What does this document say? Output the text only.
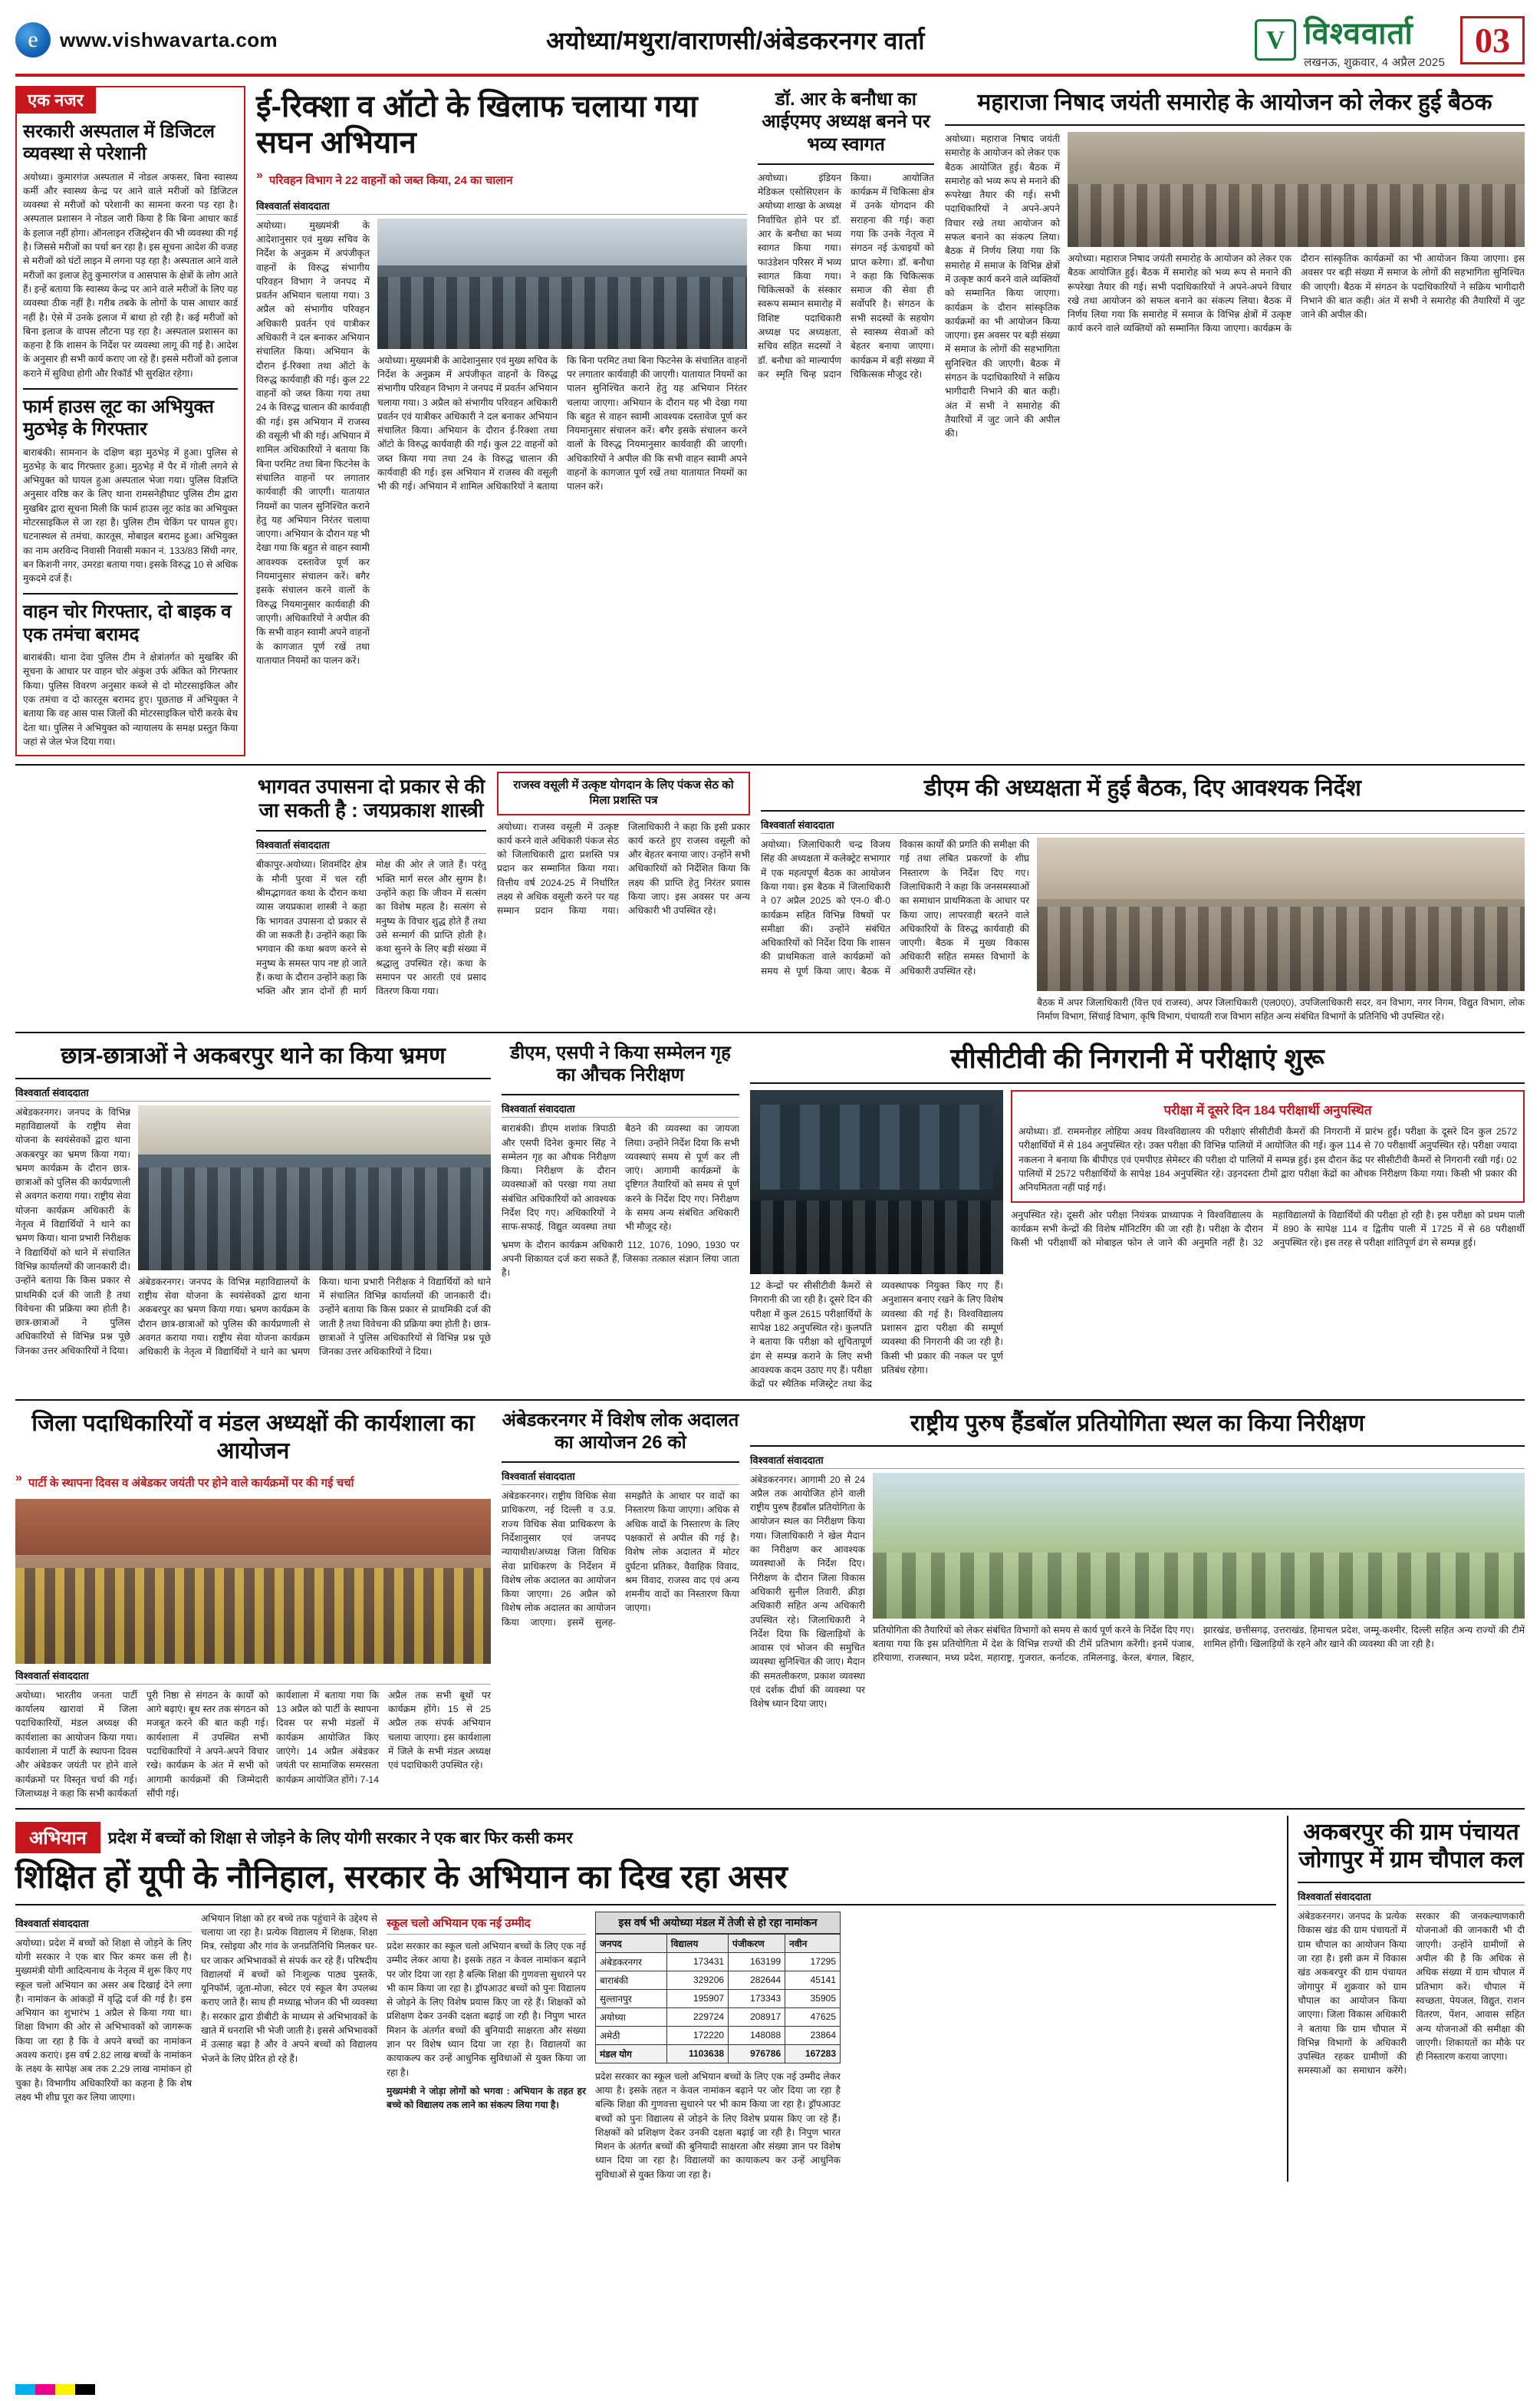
e	www.vishwavarta.com	अयोध्या/मथुरा/वाराणसी/अंबेडकरनगर वार्ता	V विश्ववार्ता
लखनऊ, शुक्रवार, 4 अप्रैल 2025
03
एक नजर
सरकारी अस्पताल में डिजिटल व्यवस्था से परेशानी
अयोध्या। कुमारगंज अस्पताल में नोडल अफसर, बिना स्वास्थ्य कर्मी और स्वास्थ्य केन्द्र पर आने वाले मरीजों को डिजिटल व्यवस्था से मरीजों को परेशानी का सामना करना पड़ रहा है। अस्पताल प्रशासन ने नोडल जारी किया है कि बिना आधार कार्ड के इलाज नहीं होगा। ऑनलाइन रजिस्ट्रेशन की भी व्यवस्था की गई है। जिससे मरीजों का पर्चा बन रहा है। इस सूचना आदेश की वजह से मरीजों को घंटों लाइन में लगना पड़ रहा है। अस्पताल आने वाले मरीजों का इलाज हेतु कुमारगंज व आसपास के क्षेत्रों के लोग आते हैं। इन्हें बताया कि स्वास्थ्य केन्द्र पर आने वाले मरीजों के लिए यह व्यवस्था ठीक नहीं है। गरीब तबके के लोगों के पास आधार कार्ड नहीं है। ऐसे में उनके इलाज में बाधा हो रही है। कई मरीजों को बिना इलाज के वापस लौटना पड़ रहा है। अस्पताल प्रशासन का कहना है कि शासन के निर्देश पर व्यवस्था लागू की गई है। आदेश के अनुसार ही सभी कार्य कराए जा रहे हैं। इससे मरीजों को इलाज कराने में सुविधा होगी और रिकॉर्ड भी सुरक्षित रहेगा।
फार्म हाउस लूट का अभियुक्त मुठभेड़ के गिरफ्तार
बाराबंकी। सामनान के दक्षिण बड़ा मुठभेड़ में हुआ। पुलिस से मुठभेड़ के बाद गिरफ्तार हुआ। मुठभेड़ में पैर में गोली लगने से अभियुक्त को घायल हुआ अस्पताल भेजा गया। पुलिस विज्ञप्ति अनुसार वरिष्ठ कर के लिए थाना रामसनेहीघाट पुलिस टीम द्वारा मुखबिर द्वारा सूचना मिली कि फार्म हाउस लूट कांड का अभियुक्त मोटरसाइकिल से जा रहा है। पुलिस टीम चेकिंग पर घायल हुए। घटनास्थल से तमंचा, कारतूस, मोबाइल बरामद हुआ। अभियुक्त का नाम अरविन्द निवासी निवासी मकान नं. 133/83 सिंधी नगर, बन किशनी नगर, उमरडा बताया गया। इसके विरुद्ध 10 से अधिक मुकदमे दर्ज हैं।
वाहन चोर गिरफ्तार, दो बाइक व एक तमंचा बरामद
बाराबंकी। थाना देवा पुलिस टीम ने क्षेत्रांतर्गत को मुखबिर की सूचना के आधार पर वाहन चोर अंकुश उर्फ अंकित को गिरफ्तार किया। पुलिस विवरण अनुसार कब्जे से दो मोटरसाइकिल और एक तमंचा व दो कारतूस बरामद हुए। पूछताछ में अभियुक्त ने बताया कि वह आस पास जिलों की मोटरसाइकिल चोरी करके बेच देता था। पुलिस ने अभियुक्त को न्यायालय के समक्ष प्रस्तुत किया जहां से जेल भेज दिया गया।
ई-रिक्शा व ऑटो के खिलाफ चलाया गया सघन अभियान
» परिवहन विभाग ने 22 वाहनों को जब्त किया, 24 का चालान
विश्ववार्ता संवाददाता
अयोध्या। मुख्यमंत्री के आदेशानुसार एवं मुख्य सचिव के निर्देश के अनुक्रम में अपंजीकृत वाहनों के विरुद्ध संभागीय परिवहन विभाग ने जनपद में प्रवर्तन अभियान चलाया गया। 3 अप्रैल को संभागीय परिवहन अधिकारी प्रवर्तन एवं यात्रीकर अधिकारी ने दल बनाकर अभियान संचालित किया। अभियान के दौरान ई-रिक्शा तथा ऑटो के विरुद्ध कार्यवाही की गई। कुल 22 वाहनों को जब्त किया गया तथा 24 के विरुद्ध चालान की कार्यवाही की गई। इस अभियान में राजस्व की वसूली भी की गई। अभियान में शामिल अधिकारियों ने बताया कि बिना परमिट तथा बिना फिटनेस के संचालित वाहनों पर लगातार कार्यवाही की जाएगी। यातायात नियमों का पालन सुनिश्चित कराने हेतु यह अभियान निरंतर चलाया जाएगा। अभियान के दौरान यह भी देखा गया कि बहुत से वाहन स्वामी आवश्यक दस्तावेज पूर्ण कर नियमानुसार संचालन करें। बगैर इसके संचालन करने वालों के विरुद्ध नियमानुसार कार्यवाही की जाएगी। अधिकारियों ने अपील की कि सभी वाहन स्वामी अपने वाहनों के कागजात पूर्ण रखें तथा यातायात नियमों का पालन करें।
अयोध्या। मुख्यमंत्री के आदेशानुसार एवं मुख्य सचिव के निर्देश के अनुक्रम में अपंजीकृत वाहनों के विरुद्ध संभागीय परिवहन विभाग ने जनपद में प्रवर्तन अभियान चलाया गया। 3 अप्रैल को संभागीय परिवहन अधिकारी प्रवर्तन एवं यात्रीकर अधिकारी ने दल बनाकर अभियान संचालित किया। अभियान के दौरान ई-रिक्शा तथा ऑटो के विरुद्ध कार्यवाही की गई। कुल 22 वाहनों को जब्त किया गया तथा 24 के विरुद्ध चालान की कार्यवाही की गई। इस अभियान में राजस्व की वसूली भी की गई। अभियान में शामिल अधिकारियों ने बताया कि बिना परमिट तथा बिना फिटनेस के संचालित वाहनों पर लगातार कार्यवाही की जाएगी। यातायात नियमों का पालन सुनिश्चित कराने हेतु यह अभियान निरंतर चलाया जाएगा। अभियान के दौरान यह भी देखा गया कि बहुत से वाहन स्वामी आवश्यक दस्तावेज पूर्ण कर नियमानुसार संचालन करें। बगैर इसके संचालन करने वालों के विरुद्ध नियमानुसार कार्यवाही की जाएगी। अधिकारियों ने अपील की कि सभी वाहन स्वामी अपने वाहनों के कागजात पूर्ण रखें तथा यातायात नियमों का पालन करें।
डॉ. आर के बनौधा का आईएमए अध्यक्ष बनने पर भव्य स्वागत
अयोध्या। इंडियन मेडिकल एसोसिएशन के अयोध्या शाखा के अध्यक्ष निर्वाचित होने पर डॉ. आर के बनौधा का भव्य स्वागत किया गया। फाउंडेशन परिसर में भव्य स्वागत किया गया। चिकित्सकों के संस्कार स्वरूप सम्मान समारोह में विशिष्ट पदाधिकारी अध्यक्ष पद अध्यक्षता, सचिव सहित सदस्यों ने डॉ. बनौधा को माल्यार्पण कर स्मृति चिन्ह प्रदान किया। आयोजित कार्यक्रम में चिकित्सा क्षेत्र में उनके योगदान की सराहना की गई। कहा गया कि उनके नेतृत्व में संगठन नई ऊंचाइयों को प्राप्त करेगा। डॉ. बनौधा ने कहा कि चिकित्सक समाज की सेवा ही सर्वोपरि है। संगठन के सभी सदस्यों के सहयोग से स्वास्थ्य सेवाओं को बेहतर बनाया जाएगा। कार्यक्रम में बड़ी संख्या में चिकित्सक मौजूद रहे।
महाराजा निषाद जयंती समारोह के आयोजन को लेकर हुई बैठक
अयोध्या। महाराज निषाद जयंती समारोह के आयोजन को लेकर एक बैठक आयोजित हुई। बैठक में समारोह को भव्य रूप से मनाने की रूपरेखा तैयार की गई। सभी पदाधिकारियों ने अपने-अपने विचार रखे तथा आयोजन को सफल बनाने का संकल्प लिया। बैठक में निर्णय लिया गया कि समारोह में समाज के विभिन्न क्षेत्रों में उत्कृष्ट कार्य करने वाले व्यक्तियों को सम्मानित किया जाएगा। कार्यक्रम के दौरान सांस्कृतिक कार्यक्रमों का भी आयोजन किया जाएगा। इस अवसर पर बड़ी संख्या में समाज के लोगों की सहभागिता सुनिश्चित की जाएगी। बैठक में संगठन के पदाधिकारियों ने सक्रिय भागीदारी निभाने की बात कही। अंत में सभी ने समारोह की तैयारियों में जुट जाने की अपील की।
अयोध्या। महाराज निषाद जयंती समारोह के आयोजन को लेकर एक बैठक आयोजित हुई। बैठक में समारोह को भव्य रूप से मनाने की रूपरेखा तैयार की गई। सभी पदाधिकारियों ने अपने-अपने विचार रखे तथा आयोजन को सफल बनाने का संकल्प लिया। बैठक में निर्णय लिया गया कि समारोह में समाज के विभिन्न क्षेत्रों में उत्कृष्ट कार्य करने वाले व्यक्तियों को सम्मानित किया जाएगा। कार्यक्रम के दौरान सांस्कृतिक कार्यक्रमों का भी आयोजन किया जाएगा। इस अवसर पर बड़ी संख्या में समाज के लोगों की सहभागिता सुनिश्चित की जाएगी। बैठक में संगठन के पदाधिकारियों ने सक्रिय भागीदारी निभाने की बात कही। अंत में सभी ने समारोह की तैयारियों में जुट जाने की अपील की।
भागवत उपासना दो प्रकार से की जा सकती है : जयप्रकाश शास्त्री
विश्ववार्ता संवाददाता
बीकापुर-अयोध्या। शिवमंदिर क्षेत्र के मौनी पुरवा में चल रही श्रीमद्भागवत कथा के दौरान कथा व्यास जयप्रकाश शास्त्री ने कहा कि भागवत उपासना दो प्रकार से की जा सकती है। उन्होंने कहा कि भगवान की कथा श्रवण करने से मनुष्य के समस्त पाप नष्ट हो जाते हैं। कथा के दौरान उन्होंने कहा कि भक्ति और ज्ञान दोनों ही मार्ग मोक्ष की ओर ले जाते हैं। परंतु भक्ति मार्ग सरल और सुगम है। उन्होंने कहा कि जीवन में सत्संग का विशेष महत्व है। सत्संग से मनुष्य के विचार शुद्ध होते हैं तथा उसे सन्मार्ग की प्राप्ति होती है। कथा सुनने के लिए बड़ी संख्या में श्रद्धालु उपस्थित रहे। कथा के समापन पर आरती एवं प्रसाद वितरण किया गया।
राजस्व वसूली में उत्कृष्ट योगदान के लिए पंकज सेठ को मिला प्रशस्ति पत्र
अयोध्या। राजस्व वसूली में उत्कृष्ट कार्य करने वाले अधिकारी पंकज सेठ को जिलाधिकारी द्वारा प्रशस्ति पत्र प्रदान कर सम्मानित किया गया। वित्तीय वर्ष 2024-25 में निर्धारित लक्ष्य से अधिक वसूली करने पर यह सम्मान प्रदान किया गया। जिलाधिकारी ने कहा कि इसी प्रकार कार्य करते हुए राजस्व वसूली को और बेहतर बनाया जाए। उन्होंने सभी अधिकारियों को निर्देशित किया कि लक्ष्य की प्राप्ति हेतु निरंतर प्रयास किया जाए। इस अवसर पर अन्य अधिकारी भी उपस्थित रहे।
डीएम की अध्यक्षता में हुई बैठक, दिए आवश्यक निर्देश
विश्ववार्ता संवाददाता
अयोध्या। जिलाधिकारी चन्द्र विजय सिंह की अध्यक्षता में कलेक्ट्रेट सभागार में एक महत्वपूर्ण बैठक का आयोजन किया गया। इस बैठक में जिलाधिकारी ने 07 अप्रैल 2025 को एन-0 बी-0 कार्यक्रम सहित विभिन्न विषयों पर समीक्षा की। उन्होंने संबंधित अधिकारियों को निर्देश दिया कि शासन की प्राथमिकता वाले कार्यक्रमों को समय से पूर्ण किया जाए। बैठक में विकास कार्यों की प्रगति की समीक्षा की गई तथा लंबित प्रकरणों के शीघ्र निस्तारण के निर्देश दिए गए। जिलाधिकारी ने कहा कि जनसमस्याओं का समाधान प्राथमिकता के आधार पर किया जाए। लापरवाही बरतने वाले अधिकारियों के विरुद्ध कार्यवाही की जाएगी। बैठक में मुख्य विकास अधिकारी सहित समस्त विभागों के अधिकारी उपस्थित रहे।
बैठक में अपर जिलाधिकारी (वित्त एवं राजस्व), अपर जिलाधिकारी (एल0ए0), उपजिलाधिकारी सदर, वन विभाग, नगर निगम, विद्युत विभाग, लोक निर्माण विभाग, सिंचाई विभाग, कृषि विभाग, पंचायती राज विभाग सहित अन्य संबंधित विभागों के प्रतिनिधि भी उपस्थित रहे।
छात्र-छात्राओं ने अकबरपुर थाने का किया भ्रमण
विश्ववार्ता संवाददाता
अंबेडकरनगर। जनपद के विभिन्न महाविद्यालयों के राष्ट्रीय सेवा योजना के स्वयंसेवकों द्वारा थाना अकबरपुर का भ्रमण किया गया। भ्रमण कार्यक्रम के दौरान छात्र-छात्राओं को पुलिस की कार्यप्रणाली से अवगत कराया गया। राष्ट्रीय सेवा योजना कार्यक्रम अधिकारी के नेतृत्व में विद्यार्थियों ने थाने का भ्रमण किया। थाना प्रभारी निरीक्षक ने विद्यार्थियों को थाने में संचालित विभिन्न कार्यालयों की जानकारी दी। उन्होंने बताया कि किस प्रकार से प्राथमिकी दर्ज की जाती है तथा विवेचना की प्रक्रिया क्या होती है। छात्र-छात्राओं ने पुलिस अधिकारियों से विभिन्न प्रश्न पूछे जिनका उत्तर अधिकारियों ने दिया।
अंबेडकरनगर। जनपद के विभिन्न महाविद्यालयों के राष्ट्रीय सेवा योजना के स्वयंसेवकों द्वारा थाना अकबरपुर का भ्रमण किया गया। भ्रमण कार्यक्रम के दौरान छात्र-छात्राओं को पुलिस की कार्यप्रणाली से अवगत कराया गया। राष्ट्रीय सेवा योजना कार्यक्रम अधिकारी के नेतृत्व में विद्यार्थियों ने थाने का भ्रमण किया। थाना प्रभारी निरीक्षक ने विद्यार्थियों को थाने में संचालित विभिन्न कार्यालयों की जानकारी दी। उन्होंने बताया कि किस प्रकार से प्राथमिकी दर्ज की जाती है तथा विवेचना की प्रक्रिया क्या होती है। छात्र-छात्राओं ने पुलिस अधिकारियों से विभिन्न प्रश्न पूछे जिनका उत्तर अधिकारियों ने दिया।
डीएम, एसपी ने किया सम्मेलन गृह का औचक निरीक्षण
विश्ववार्ता संवाददाता
बाराबंकी। डीएम शशांक त्रिपाठी और एसपी दिनेश कुमार सिंह ने सम्मेलन गृह का औचक निरीक्षण किया। निरीक्षण के दौरान व्यवस्थाओं को परखा गया तथा संबंधित अधिकारियों को आवश्यक निर्देश दिए गए। अधिकारियों ने साफ-सफाई, विद्युत व्यवस्था तथा बैठने की व्यवस्था का जायजा लिया। उन्होंने निर्देश दिया कि सभी व्यवस्थाएं समय से पूर्ण कर ली जाएं। आगामी कार्यक्रमों के दृष्टिगत तैयारियों को समय से पूर्ण करने के निर्देश दिए गए। निरीक्षण के समय अन्य संबंधित अधिकारी भी मौजूद रहे।
भ्रमण के दौरान कार्यक्रम अधिकारी 112, 1076, 1090, 1930 पर अपनी शिकायत दर्ज करा सकते हैं, जिसका तत्काल संज्ञान लिया जाता है।
सीसीटीवी की निगरानी में परीक्षाएं शुरू
12 केन्द्रों पर सीसीटीवी कैमरों से निगरानी की जा रही है। दूसरे दिन की परीक्षा में कुल 2615 परीक्षार्थियों के सापेक्ष 182 अनुपस्थित रहे। कुलपति ने बताया कि परीक्षा को शुचितापूर्ण ढंग से सम्पन्न कराने के लिए सभी आवश्यक कदम उठाए गए हैं। परीक्षा केंद्रों पर स्थैतिक मजिस्ट्रेट तथा केंद्र व्यवस्थापक नियुक्त किए गए हैं। अनुशासन बनाए रखने के लिए विशेष व्यवस्था की गई है। विश्वविद्यालय प्रशासन द्वारा परीक्षा की सम्पूर्ण व्यवस्था की निगरानी की जा रही है। किसी भी प्रकार की नकल पर पूर्ण प्रतिबंध रहेगा।
परीक्षा में दूसरे दिन 184 परीक्षार्थी अनुपस्थित
अयोध्या। डॉ. राममनोहर लोहिया अवध विश्वविद्यालय की परीक्षाएं सीसीटीवी कैमरों की निगरानी में प्रारंभ हुईं। परीक्षा के दूसरे दिन कुल 2572 परीक्षार्थियों में से 184 अनुपस्थित रहे। उक्त परीक्षा की विभिन्न पालियों में आयोजित की गई। कुल 114 से 70 परीक्षार्थी अनुपस्थित रहे। परीक्षा ज्यादा नकलना ने बनाया कि बीपीएड एवं एमपीएड सेमेस्टर की परीक्षा दो पालियों में सम्पन्न हुई। इस दौरान केंद्र पर सीसीटीवी कैमरों से निगरानी रखी गई। 02 पालियों में 2572 परीक्षार्थियों के सापेक्ष 184 अनुपस्थित रहे। उड़नदस्ता टीमों द्वारा परीक्षा केंद्रों का औचक निरीक्षण किया गया। किसी भी प्रकार की अनियमितता नहीं पाई गई।
अनुपस्थित रहे। दूसरी ओर परीक्षा नियंत्रक प्राध्यापक ने विश्वविद्यालय के कार्यक्रम सभी केन्द्रों की विशेष मॉनिटरिंग की जा रही है। परीक्षा के दौरान किसी भी परीक्षार्थी को मोबाइल फोन ले जाने की अनुमति नहीं है। 32 महाविद्यालयों के विद्यार्थियों की परीक्षा हो रही है। इस परीक्षा को प्रथम पाली में 890 के सापेक्ष 114 व द्वितीय पाली में 1725 में से 68 परीक्षार्थी अनुपस्थित रहे। इस तरह से परीक्षा शांतिपूर्ण ढंग से सम्पन्न हुई।
जिला पदाधिकारियों व मंडल अध्यक्षों की कार्यशाला का आयोजन
» पार्टी के स्थापना दिवस व अंबेडकर जयंती पर होने वाले कार्यक्रमों पर की गई चर्चा
विश्ववार्ता संवाददाता
अयोध्या। भारतीय जनता पार्टी कार्यालय खारावां में जिला पदाधिकारियों, मंडल अध्यक्ष की कार्यशाला का आयोजन किया गया। कार्यशाला में पार्टी के स्थापना दिवस और अंबेडकर जयंती पर होने वाले कार्यक्रमों पर विस्तृत चर्चा की गई। जिलाध्यक्ष ने कहा कि सभी कार्यकर्ता पूरी निष्ठा से संगठन के कार्यों को आगे बढ़ाएं। बूथ स्तर तक संगठन को मजबूत करने की बात कही गई। कार्यशाला में उपस्थित सभी पदाधिकारियों ने अपने-अपने विचार रखे। कार्यक्रम के अंत में सभी को आगामी कार्यक्रमों की जिम्मेदारी सौंपी गई।
कार्यशाला में बताया गया कि 13 अप्रैल को पार्टी के स्थापना दिवस पर सभी मंडलों में कार्यक्रम आयोजित किए जाएंगे। 14 अप्रैल अंबेडकर जयंती पर सामाजिक समरसता कार्यक्रम आयोजित होंगे। 7-14 अप्रैल तक सभी बूथों पर कार्यक्रम होंगे। 15 से 25 अप्रैल तक संपर्क अभियान चलाया जाएगा। इस कार्यशाला में जिले के सभी मंडल अध्यक्ष एवं पदाधिकारी उपस्थित रहे।
अंबेडकरनगर में विशेष लोक अदालत का आयोजन 26 को
विश्ववार्ता संवाददाता
अंबेडकरनगर। राष्ट्रीय विधिक सेवा प्राधिकरण, नई दिल्ली व उ.प्र. राज्य विधिक सेवा प्राधिकरण के निर्देशानुसार एवं जनपद न्यायाधीश/अध्यक्ष जिला विधिक सेवा प्राधिकरण के निर्देशन में विशेष लोक अदालत का आयोजन किया जाएगा। 26 अप्रैल को विशेष लोक अदालत का आयोजन किया जाएगा। इसमें सुलह-समझौते के आधार पर वादों का निस्तारण किया जाएगा। अधिक से अधिक वादों के निस्तारण के लिए पक्षकारों से अपील की गई है। विशेष लोक अदालत में मोटर दुर्घटना प्रतिकर, वैवाहिक विवाद, श्रम विवाद, राजस्व वाद एवं अन्य शमनीय वादों का निस्तारण किया जाएगा।
राष्ट्रीय पुरुष हैंडबॉल प्रतियोगिता स्थल का किया निरीक्षण
विश्ववार्ता संवाददाता
अंबेडकरनगर। आगामी 20 से 24 अप्रैल तक आयोजित होने वाली राष्ट्रीय पुरुष हैंडबॉल प्रतियोगिता के आयोजन स्थल का निरीक्षण किया गया। जिलाधिकारी ने खेल मैदान का निरीक्षण कर आवश्यक व्यवस्थाओं के निर्देश दिए। निरीक्षण के दौरान जिला विकास अधिकारी सुनील तिवारी, क्रीड़ा अधिकारी सहित अन्य अधिकारी उपस्थित रहे। जिलाधिकारी ने निर्देश दिया कि खिलाड़ियों के आवास एवं भोजन की समुचित व्यवस्था सुनिश्चित की जाए। मैदान की समतलीकरण, प्रकाश व्यवस्था एवं दर्शक दीर्घा की व्यवस्था पर विशेष ध्यान दिया जाए।
प्रतियोगिता की तैयारियों को लेकर संबंधित विभागों को समय से कार्य पूर्ण करने के निर्देश दिए गए। बताया गया कि इस प्रतियोगिता में देश के विभिन्न राज्यों की टीमें प्रतिभाग करेंगी। इनमें पंजाब, हरियाणा, राजस्थान, मध्य प्रदेश, महाराष्ट्र, गुजरात, कर्नाटक, तमिलनाडु, केरल, बंगाल, बिहार, झारखंड, छत्तीसगढ़, उत्तराखंड, हिमाचल प्रदेश, जम्मू-कश्मीर, दिल्ली सहित अन्य राज्यों की टीमें शामिल होंगी। खिलाड़ियों के रहने और खाने की व्यवस्था की जा रही है।
अभियान	प्रदेश में बच्चों को शिक्षा से जोड़ने के लिए योगी सरकार ने एक बार फिर कसी कमर
शिक्षित हों यूपी के नौनिहाल, सरकार के अभियान का दिख रहा असर
विश्ववार्ता संवाददाता
अयोध्या। प्रदेश में बच्चों को शिक्षा से जोड़ने के लिए योगी सरकार ने एक बार फिर कमर कस ली है। मुख्यमंत्री योगी आदित्यनाथ के नेतृत्व में शुरू किए गए स्कूल चलो अभियान का असर अब दिखाई देने लगा है। नामांकन के आंकड़ों में वृद्धि दर्ज की गई है। इस अभियान का शुभारंभ 1 अप्रैल से किया गया था। शिक्षा विभाग की ओर से अभिभावकों को जागरूक किया जा रहा है कि वे अपने बच्चों का नामांकन अवश्य कराएं। इस वर्ष 2.82 लाख बच्चों के नामांकन के लक्ष्य के सापेक्ष अब तक 2.29 लाख नामांकन हो चुका है। विभागीय अधिकारियों का कहना है कि शेष लक्ष्य भी शीघ्र पूरा कर लिया जाएगा।
अभियान शिक्षा को हर बच्चे तक पहुंचाने के उद्देश्य से चलाया जा रहा है। प्रत्येक विद्यालय में शिक्षक, शिक्षा मित्र, रसोइया और गांव के जनप्रतिनिधि मिलकर घर-घर जाकर अभिभावकों से संपर्क कर रहे हैं। परिषदीय विद्यालयों में बच्चों को निःशुल्क पाठ्य पुस्तकें, यूनिफॉर्म, जूता-मोजा, स्वेटर एवं स्कूल बैग उपलब्ध कराए जाते हैं। साथ ही मध्याह्न भोजन की भी व्यवस्था है। सरकार द्वारा डीबीटी के माध्यम से अभिभावकों के खाते में धनराशि भी भेजी जाती है। इससे अभिभावकों में उत्साह बढ़ा है और वे अपने बच्चों को विद्यालय भेजने के लिए प्रेरित हो रहे हैं।
स्कूल चलो अभियान एक नई उम्मीद
प्रदेश सरकार का स्कूल चलो अभियान बच्चों के लिए एक नई उम्मीद लेकर आया है। इसके तहत न केवल नामांकन बढ़ाने पर जोर दिया जा रहा है बल्कि शिक्षा की गुणवत्ता सुधारने पर भी काम किया जा रहा है। ड्रॉपआउट बच्चों को पुनः विद्यालय से जोड़ने के लिए विशेष प्रयास किए जा रहे हैं। शिक्षकों को प्रशिक्षण देकर उनकी दक्षता बढ़ाई जा रही है। निपुण भारत मिशन के अंतर्गत बच्चों की बुनियादी साक्षरता और संख्या ज्ञान पर विशेष ध्यान दिया जा रहा है। विद्यालयों का कायाकल्प कर उन्हें आधुनिक सुविधाओं से युक्त किया जा रहा है।
मुख्यमंत्री ने जोड़ा लोगों को भगवा : अभियान के तहत हर बच्चे को विद्यालय तक लाने का संकल्प लिया गया है।
इस वर्ष भी अयोध्या मंडल में तेजी से हो रहा नामांकन
जनपद	विद्यालय	पंजीकरण	नवीन
अंबेडकरनगर	173431	163199	17295
बाराबंकी	329206	282644	45141
सुल्तानपुर	195907	173343	35905
अयोध्या	229724	208917	47625
अमेठी	172220	148088	23864
मंडल योग	1103638	976786	167283
प्रदेश सरकार का स्कूल चलो अभियान बच्चों के लिए एक नई उम्मीद लेकर आया है। इसके तहत न केवल नामांकन बढ़ाने पर जोर दिया जा रहा है बल्कि शिक्षा की गुणवत्ता सुधारने पर भी काम किया जा रहा है। ड्रॉपआउट बच्चों को पुनः विद्यालय से जोड़ने के लिए विशेष प्रयास किए जा रहे हैं। शिक्षकों को प्रशिक्षण देकर उनकी दक्षता बढ़ाई जा रही है। निपुण भारत मिशन के अंतर्गत बच्चों की बुनियादी साक्षरता और संख्या ज्ञान पर विशेष ध्यान दिया जा रहा है। विद्यालयों का कायाकल्प कर उन्हें आधुनिक सुविधाओं से युक्त किया जा रहा है।
अकबरपुर की ग्राम पंचायत जोगापुर में ग्राम चौपाल कल
विश्ववार्ता संवाददाता
अंबेडकरनगर। जनपद के प्रत्येक विकास खंड की ग्राम पंचायतों में ग्राम चौपाल का आयोजन किया जा रहा है। इसी क्रम में विकास खंड अकबरपुर की ग्राम पंचायत जोगापुर में शुक्रवार को ग्राम चौपाल का आयोजन किया जाएगा। जिला विकास अधिकारी ने बताया कि ग्राम चौपाल में विभिन्न विभागों के अधिकारी उपस्थित रहकर ग्रामीणों की समस्याओं का समाधान करेंगे। सरकार की जनकल्याणकारी योजनाओं की जानकारी भी दी जाएगी। उन्होंने ग्रामीणों से अपील की है कि अधिक से अधिक संख्या में ग्राम चौपाल में प्रतिभाग करें। चौपाल में स्वच्छता, पेयजल, विद्युत, राशन वितरण, पेंशन, आवास सहित अन्य योजनाओं की समीक्षा की जाएगी। शिकायतों का मौके पर ही निस्तारण कराया जाएगा।
